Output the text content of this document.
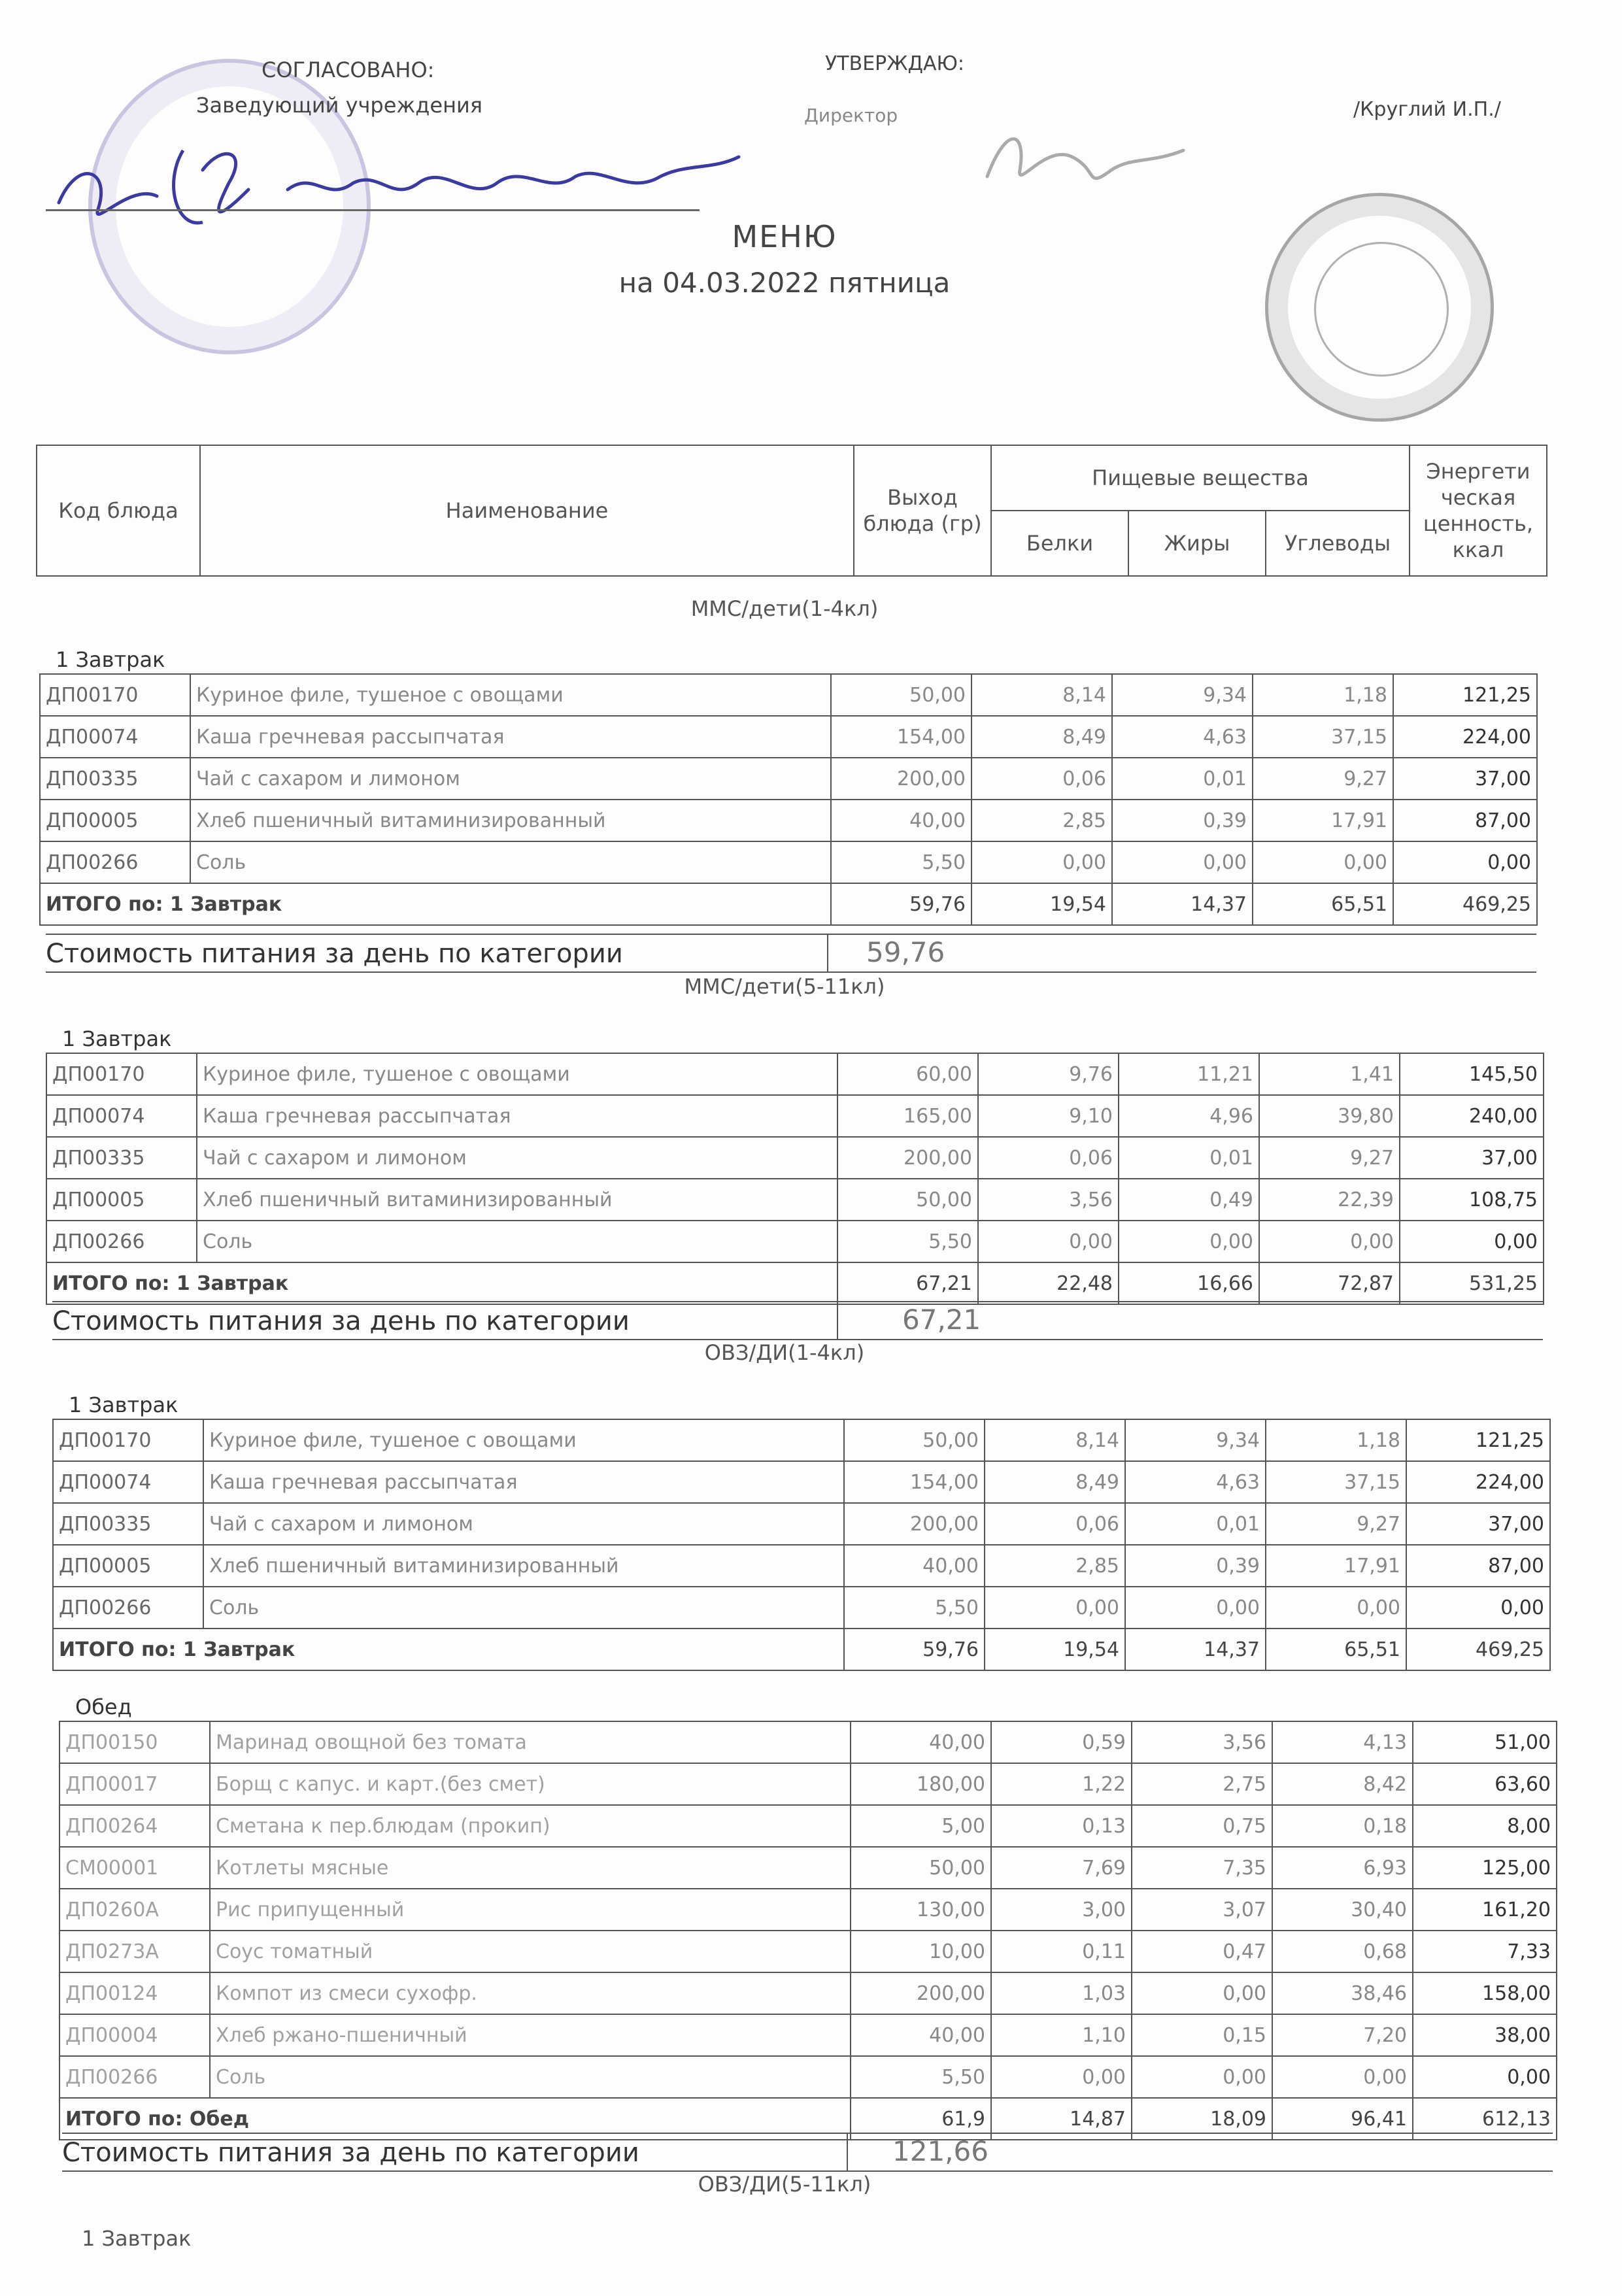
СОГЛАСОВАНО:
Заведующий учреждения
УТВЕРЖДАЮ:
Директор	/Круглий И.П./
МЕНЮ
на 04.03.2022 пятница
Код блюда	Наименование	Выход блюда (гр)	Пищевые вещества			Энергети ческая ценность, ккал
			Белки	Жиры	Углеводы	
ММС/дети(1-4кл)
1 Завтрак
ДП00170	Куриное филе, тушеное с овощами	50,00	8,14	9,34	1,18	121,25
ДП00074	Каша гречневая рассыпчатая	154,00	8,49	4,63	37,15	224,00
ДП00335	Чай с сахаром и лимоном	200,00	0,06	0,01	9,27	37,00
ДП00005	Хлеб пшеничный витаминизированный	40,00	2,85	0,39	17,91	87,00
ДП00266	Соль	5,50	0,00	0,00	0,00	0,00
ИТОГО по: 1 Завтрак		59,76	19,54	14,37	65,51	469,25
Стоимость питания за день по категории	59,76
ММС/дети(5-11кл)
1 Завтрак
ДП00170	Куриное филе, тушеное с овощами	60,00	9,76	11,21	1,41	145,50
ДП00074	Каша гречневая рассыпчатая	165,00	9,10	4,96	39,80	240,00
ДП00335	Чай с сахаром и лимоном	200,00	0,06	0,01	9,27	37,00
ДП00005	Хлеб пшеничный витаминизированный	50,00	3,56	0,49	22,39	108,75
ДП00266	Соль	5,50	0,00	0,00	0,00	0,00
ИТОГО по: 1 Завтрак		67,21	22,48	16,66	72,87	531,25
Стоимость питания за день по категории	67,21
ОВЗ/ДИ(1-4кл)
1 Завтрак
ДП00170	Куриное филе, тушеное с овощами	50,00	8,14	9,34	1,18	121,25
ДП00074	Каша гречневая рассыпчатая	154,00	8,49	4,63	37,15	224,00
ДП00335	Чай с сахаром и лимоном	200,00	0,06	0,01	9,27	37,00
ДП00005	Хлеб пшеничный витаминизированный	40,00	2,85	0,39	17,91	87,00
ДП00266	Соль	5,50	0,00	0,00	0,00	0,00
ИТОГО по: 1 Завтрак		59,76	19,54	14,37	65,51	469,25
Обед
ДП00150	Маринад овощной без томата	40,00	0,59	3,56	4,13	51,00
ДП00017	Борщ с капус. и карт.(без смет)	180,00	1,22	2,75	8,42	63,60
ДП00264	Сметана к пер.блюдам (прокип)	5,00	0,13	0,75	0,18	8,00
СМ00001	Котлеты мясные	50,00	7,69	7,35	6,93	125,00
ДП0260А	Рис припущенный	130,00	3,00	3,07	30,40	161,20
ДП0273А	Соус томатный	10,00	0,11	0,47	0,68	7,33
ДП00124	Компот из смеси сухофр.	200,00	1,03	0,00	38,46	158,00
ДП00004	Хлеб ржано-пшеничный	40,00	1,10	0,15	7,20	38,00
ДП00266	Соль	5,50	0,00	0,00	0,00	0,00
ИТОГО по: Обед		61,9	14,87	18,09	96,41	612,13
Стоимость питания за день по категории	121,66
ОВЗ/ДИ(5-11кл)
1 Завтрак
